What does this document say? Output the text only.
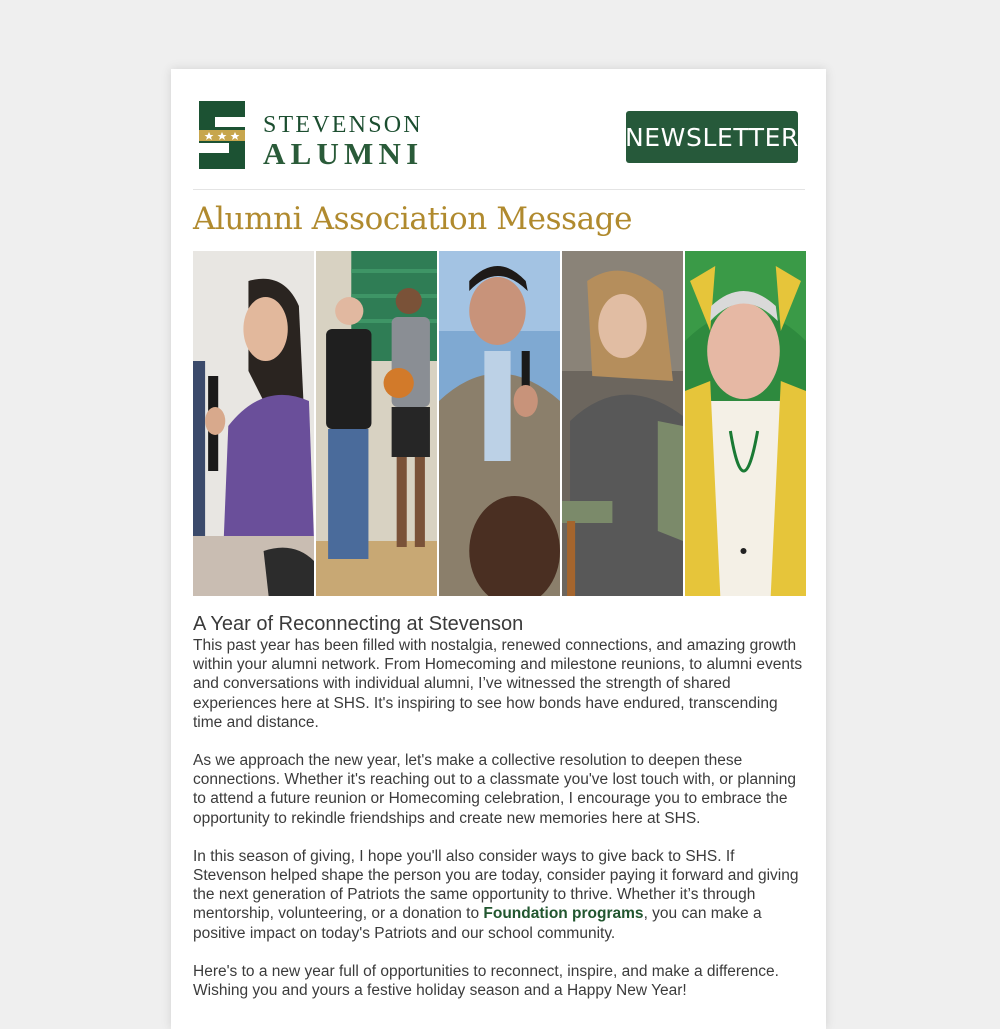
STEVENSON
ALUMNI	NEWSLETTER
Alumni Association Message
A Year of Reconnecting at Stevenson

This past year has been filled with nostalgia, renewed connections, and amazing growth within your alumni network. From Homecoming and milestone reunions, to alumni events and conversations with individual alumni, I’ve witnessed the strength of shared experiences here at SHS. It's inspiring to see how bonds have endured, transcending time and distance.

As we approach the new year, let's make a collective resolution to deepen these connections. Whether it's reaching out to a classmate you've lost touch with, or planning to attend a future reunion or Homecoming celebration, I encourage you to embrace the opportunity to rekindle friendships and create new memories here at SHS.

In this season of giving, I hope you'll also consider ways to give back to SHS. If Stevenson helped shape the person you are today, consider paying it forward and giving the next generation of Patriots the same opportunity to thrive. Whether it’s through mentorship, volunteering, or a donation to Foundation programs, you can make a positive impact on today's Patriots and our school community.

Here's to a new year full of opportunities to reconnect, inspire, and make a difference. Wishing you and yours a festive holiday season and a Happy New Year!
